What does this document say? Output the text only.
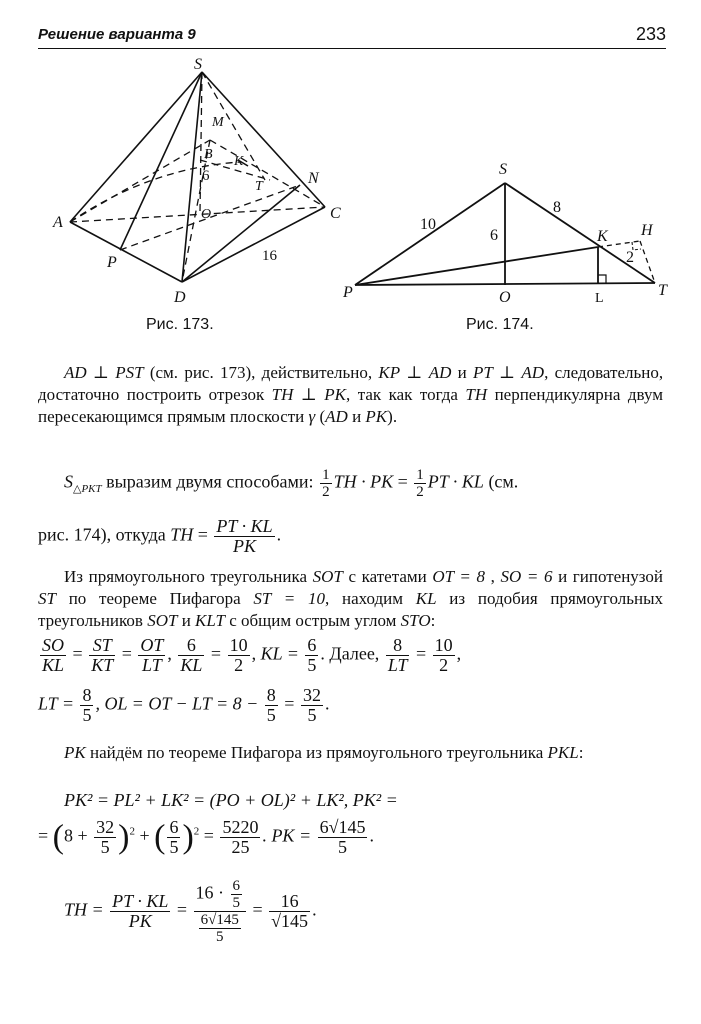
Решение варианта 9	233
S
M
B K
T	N
C
A	O
P
D
6
16
S
10
6
8
K H
2
P	O	L	T
Рис. 173.	Рис. 174.
AD ⊥ PST (см. рис. 173), действительно, KP ⊥ AD и PT ⊥ AD, следовательно, достаточно построить отрезок TH ⊥ PK, так как тогда TH перпендикулярна двум пересекающимся прямым плоскости γ (AD и PK).
$S_{\triangle PKT}$ выразим двумя способами: $\frac{1}{2}$ TH · PK = $\frac{1}{2}$ PT · KL (см.
рис. 174), откуда TH = $\frac{PT \cdot KL}{PK}$ .
Из прямоугольного треугольника SOT с катетами OT = 8 , SO = 6 и гипотенузой ST по теореме Пифагора ST = 10, находим KL из подобия прямоугольных треугольников SOT и KLT с общим острым углом STO:
$\frac{SO}{KL} = \frac{ST}{KT} = \frac{OT}{LT}$ , $\frac{6}{KL} = \frac{10}{2}$ , KL = $\frac{6}{5}$ . Далее, $\frac{8}{LT} = \frac{10}{2}$ ,
LT = $\frac{8}{5}$ , OL = OT − LT = $8 - \frac{8}{5} = \frac{32}{5}$ .
PK найдём по теореме Пифагора из прямоугольного треугольника PKL:
PK² = PL² + LK² = (PO + OL)² + LK², PK² =
= $(8 + \frac{32}{5} )^2$ + ( $\frac{6}{5} )^2 = \frac{5220}{25}$ . PK = $\frac{6√145}{5}$ .
TH = $\frac{PT \cdot KL}{PK} = \frac{16 \cdot \frac{6}{5}}{\frac{6√145}{5}} = \frac{16}{√145}$ .
